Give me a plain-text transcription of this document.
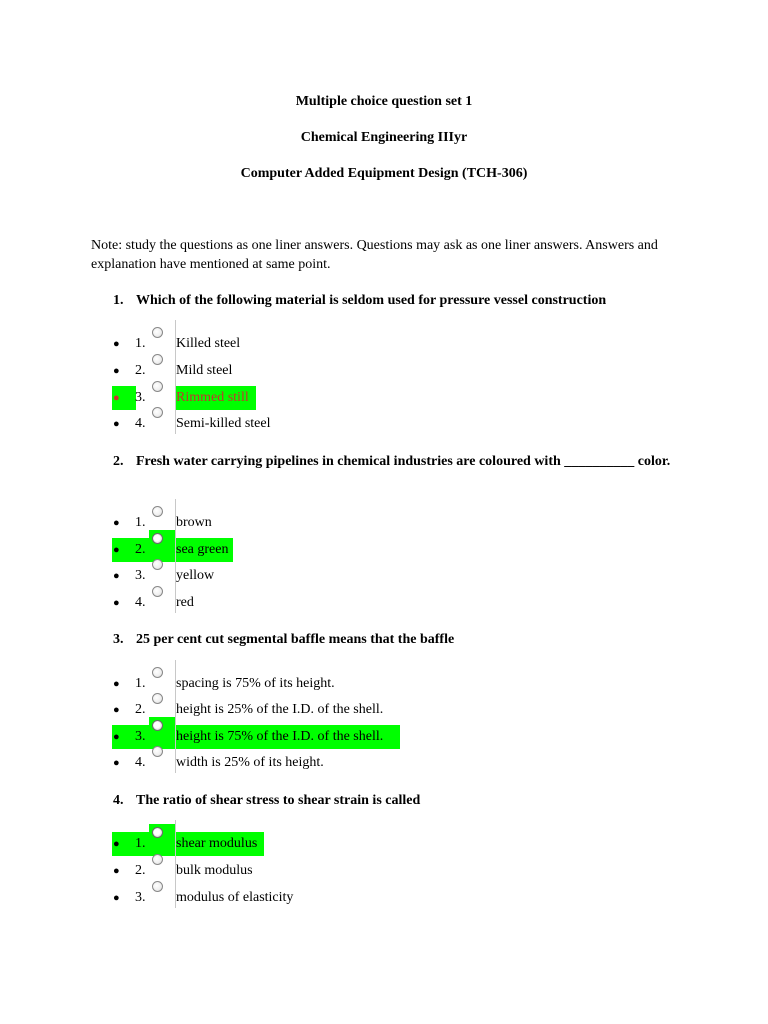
Multiple choice question set 1
Chemical Engineering IIIyr
Computer Added Equipment Design (TCH-306)
Note: study the questions as one liner answers. Questions may ask as one liner answers. Answers and explanation have mentioned at same point.
1. Which of the following material is seldom used for pressure vessel construction
● 1. Killed steel
● 2. Mild steel
● 3. Rimmed still
● 4. Semi-killed steel
2. Fresh water carrying pipelines in chemical industries are coloured with __________ color.
● 1. brown
● 2. sea green
● 3. yellow
● 4. red
3. 25 per cent cut segmental baffle means that the baffle
● 1. spacing is 75% of its height.
● 2. height is 25% of the I.D. of the shell.
● 3. height is 75% of the I.D. of the shell.
● 4. width is 25% of its height.
4. The ratio of shear stress to shear strain is called
● 1. shear modulus
● 2. bulk modulus
● 3. modulus of elasticity
